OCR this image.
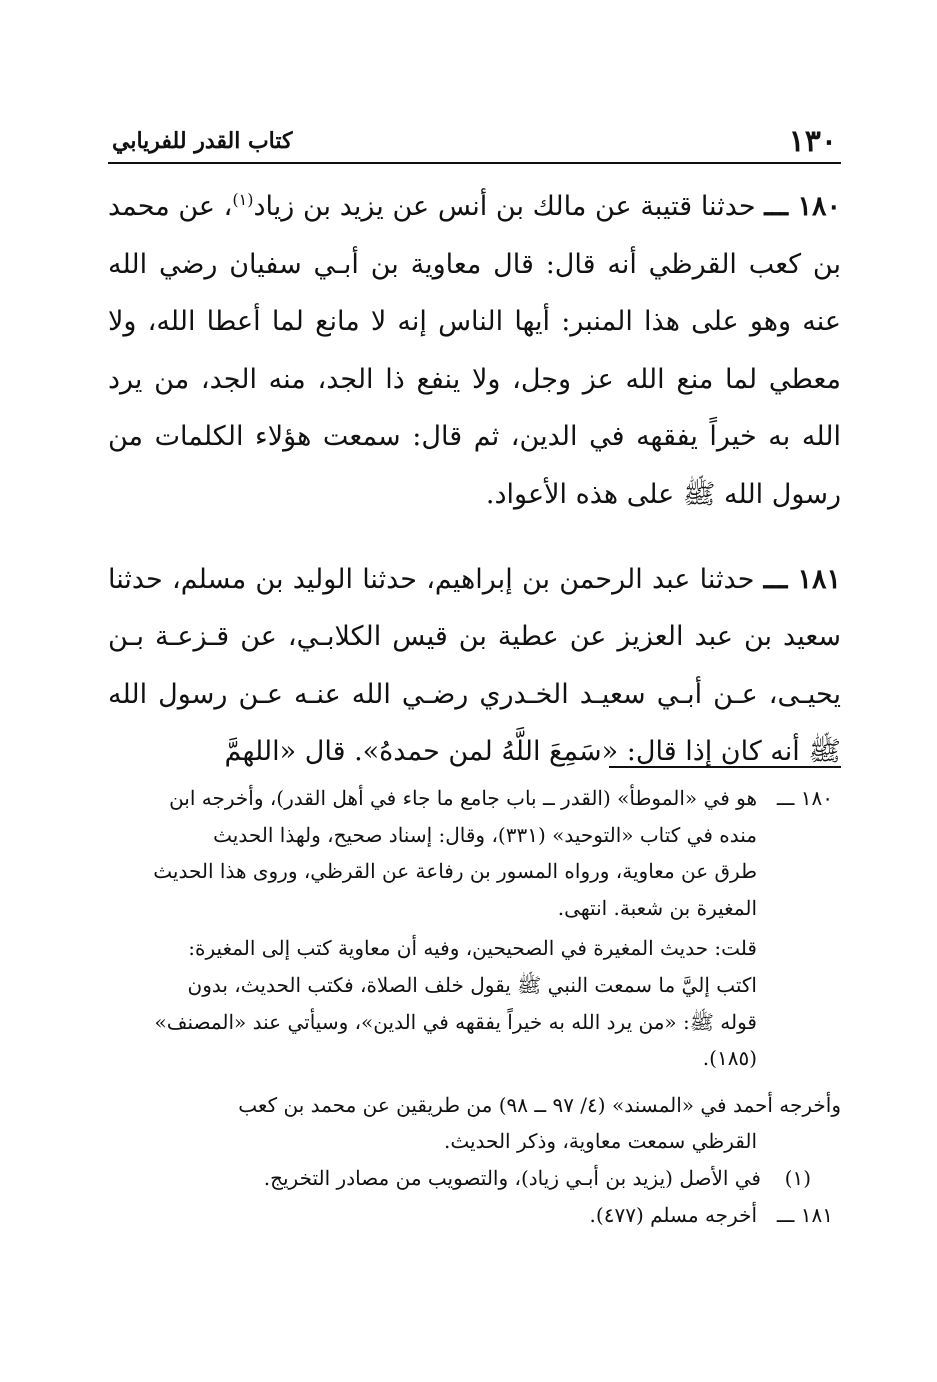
١٣٠
كتاب القدر للفريابي

١٨٠ ـــ حدثنا قتيبة عن مالك بن أنس عن يزيد بن زياد$^{(١)}$، عن محمد بن كعب القرظي أنه قال: قال معاوية بن أبـي سفيان رضي الله عنه وهو على هذا المنبر: أيها الناس إنه لا مانع لما أعطا الله، ولا معطي لما منع الله عز وجل، ولا ينفع ذا الجد، منه الجد، من يرد الله به خيراً يفقهه في الدين، ثم قال: سمعت هؤلاء الكلمات من رسول الله ﷺ على هذه الأعواد.

١٨١ ـــ حدثنا عبد الرحمن بن إبراهيم، حدثنا الوليد بن مسلم، حدثنا سعيد بن عبد العزيز عن عطية بن قيس الكلابـي، عن قـزعـة بـن يحيـى، عـن أبـي سعيـد الخـدري رضـي الله عنـه عـن رسول الله ﷺ أنه كان إذا قال: «سَمِعَ اللَّهُ لمن حمدهُ». قال «اللهمَّ

١٨٠ ـــ
هو في «الموطأ» (القدر ــ باب جامع ما جاء في أهل القدر)، وأخرجه ابن
منده في كتاب «التوحيد» (٣٣١)، وقال: إسناد صحيح، ولهذا الحديث
طرق عن معاوية، ورواه المسور بن رفاعة عن القرظي، وروى هذا الحديث
المغيرة بن شعبة. انتهى.
قلت: حديث المغيرة في الصحيحين، وفيه أن معاوية كتب إلى المغيرة:
اكتب إليَّ ما سمعت النبي ﷺ يقول خلف الصلاة، فكتب الحديث، بدون
قوله ﷺ: «من يرد الله به خيراً يفقهه في الدين»، وسيأتي عند «المصنف»
(١٨٥).
وأخرجه أحمد في «المسند» (٤/ ٩٧ ــ ٩٨) من طريقين عن محمد بن كعب
القرظي سمعت معاوية، وذكر الحديث.
(١)
في الأصل (يزيد بن أبـي زياد)، والتصويب من مصادر التخريج.
١٨١ ـــ
أخرجه مسلم (٤٧٧).
